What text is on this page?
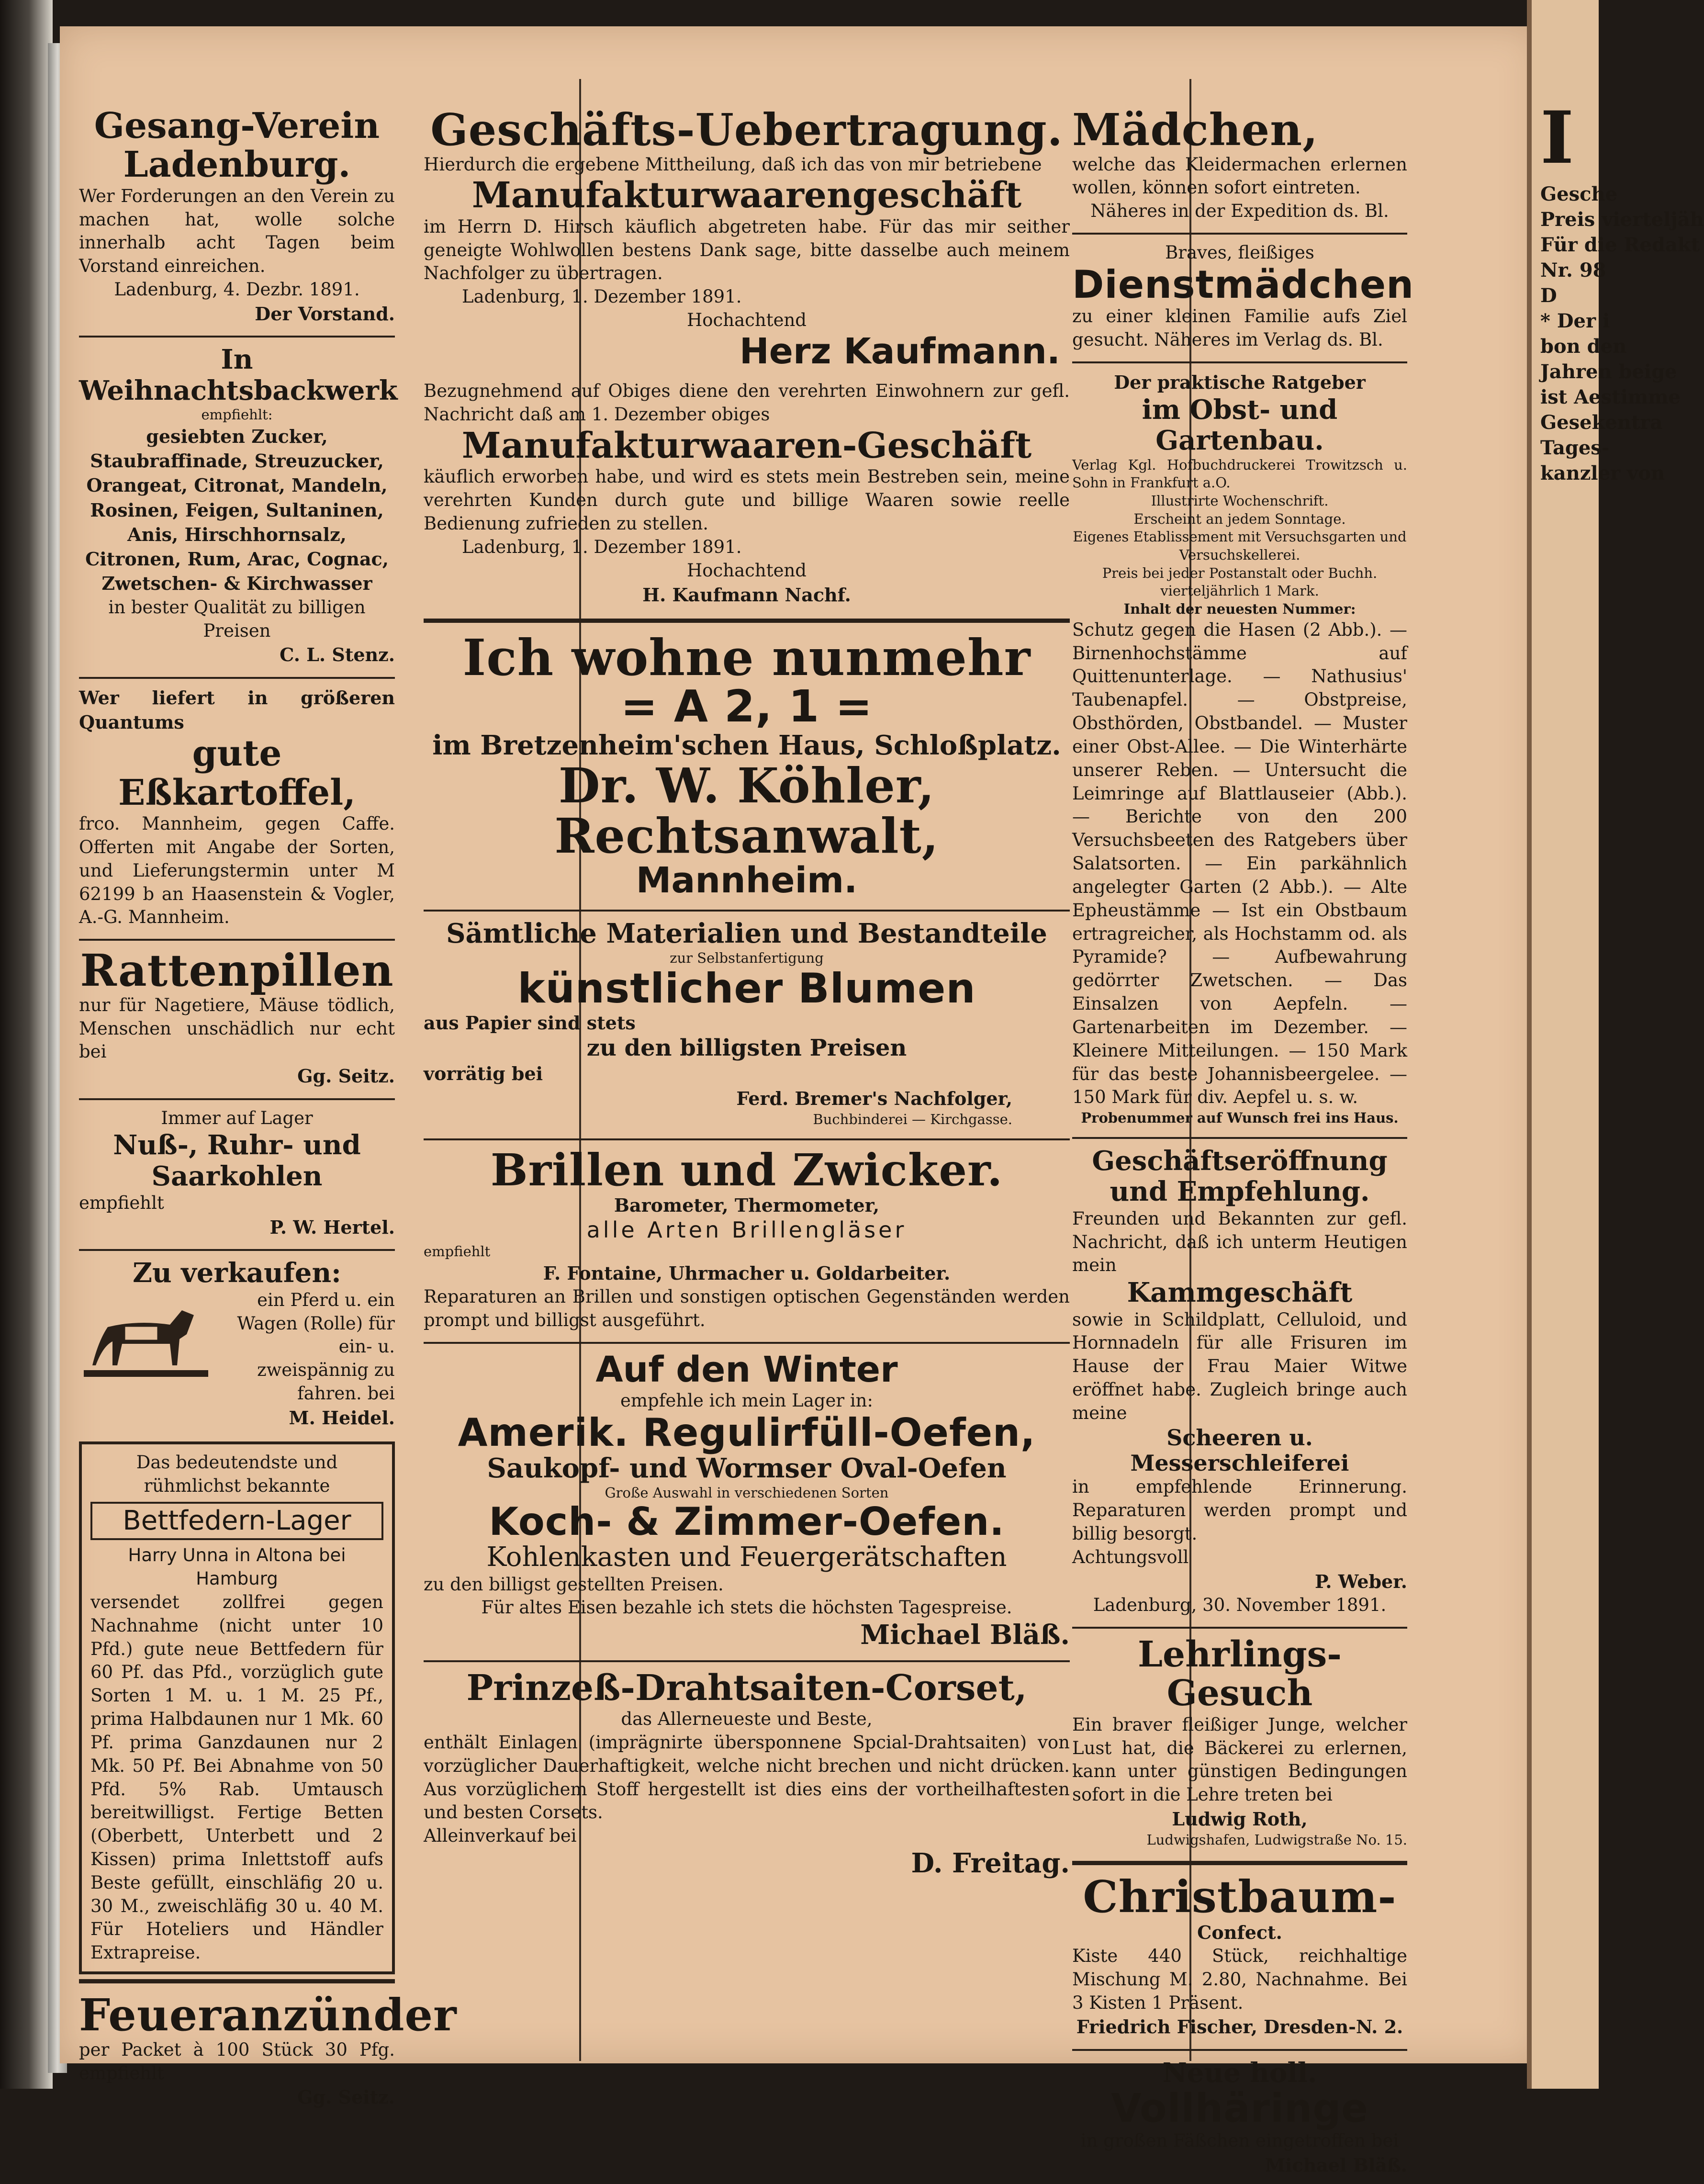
Gesang-Verein
Ladenburg.
Wer Forderungen an den Verein zu machen hat, wolle solche innerhalb acht Tagen beim Vorstand einreichen.
Ladenburg, 4. Dezbr. 1891.
Der Vorstand.
In Weihnachtsbackwerk
empfiehlt:
gesiebten Zucker, Staubraffinade, Streuzucker, Orangeat, Citronat, Mandeln, Rosinen, Feigen, Sultaninen, Anis, Hirschhornsalz, Citronen, Rum, Arac, Cognac, Zwetschen- & Kirchwasser
in bester Qualität zu billigen Preisen
C. L. Stenz.
Wer liefert in größeren Quantums
gute Eßkartoffel,
frco. Mannheim, gegen Caffe. Offerten mit Angabe der Sorten, und Lieferungstermin unter M 62199 b an Haasenstein & Vogler, A.-G. Mannheim.
Rattenpillen
nur für Nagetiere, Mäuse tödlich, Menschen unschädlich nur echt bei
Gg. Seitz.
Immer auf Lager
Nuß-, Ruhr- und Saarkohlen
empfiehlt
P. W. Hertel.
Zu verkaufen:
ein Pferd u. ein Wagen (Rolle) für ein- u. zweispännig zu fahren. bei
M. Heidel.
Das bedeutendste und rühmlichst bekannte
Bettfedern-Lager
Harry Unna in Altona bei Hamburg
versendet zollfrei gegen Nachnahme (nicht unter 10 Pfd.) gute neue Bettfedern für 60 Pf. das Pfd., vorzüglich gute Sorten 1 M. u. 1 M. 25 Pf., prima Halbdaunen nur 1 Mk. 60 Pf. prima Ganzdaunen nur 2 Mk. 50 Pf. Bei Abnahme von 50 Pfd. 5% Rab. Umtausch bereitwilligst. Fertige Betten (Oberbett, Unterbett und 2 Kissen) prima Inlettstoff aufs Beste gefüllt, einschläfig 20 u. 30 M., zweischläfig 30 u. 40 M. Für Hoteliers und Händler Extrapreise.
Feueranzünder
per Packet à 100 Stück 30 Pfg. empfiehlt
Gg. Seitz.
Geschäfts-Uebertragung.
Hierdurch die ergebene Mittheilung, daß ich das von mir betriebene
Manufakturwaarengeschäft
im Herrn D. Hirsch käuflich abgetreten habe. Für das mir seither geneigte Wohlwollen bestens Dank sage, bitte dasselbe auch meinem Nachfolger zu übertragen.
Ladenburg, 1. Dezember 1891.
Hochachtend
Herz Kaufmann.
Bezugnehmend auf Obiges diene den verehrten Einwohnern zur gefl. Nachricht daß am 1. Dezember obiges
Manufakturwaaren-Geschäft
käuflich erworben habe, und wird es stets mein Bestreben sein, meine verehrten Kunden durch gute und billige Waaren sowie reelle Bedienung zufrieden zu stellen.
Ladenburg, 1. Dezember 1891.
Hochachtend
H. Kaufmann Nachf.
Ich wohne nunmehr
= A 2, 1 =
im Bretzenheim'schen Haus, Schloßplatz.
Dr. W. Köhler, Rechtsanwalt,
Mannheim.
Sämtliche Materialien und Bestandteile
zur Selbstanfertigung
künstlicher Blumen
aus Papier sind stets
zu den billigsten Preisen
vorrätig bei
Ferd. Bremer's Nachfolger,
Buchbinderei — Kirchgasse.
Brillen und Zwicker.
Barometer, Thermometer,
alle Arten Brillengläser
empfiehlt
F. Fontaine, Uhrmacher u. Goldarbeiter.
Reparaturen an Brillen und sonstigen optischen Gegenständen werden prompt und billigst ausgeführt.
Auf den Winter
empfehle ich mein Lager in:
Amerik. Regulirfüll-Oefen,
Saukopf- und Wormser Oval-Oefen
Große Auswahl in verschiedenen Sorten
Koch- & Zimmer-Oefen.
Kohlenkasten und Feuergerätschaften
zu den billigst gestellten Preisen.
Für altes Eisen bezahle ich stets die höchsten Tagespreise.
Michael Bläß.
Prinzeß-Drahtsaiten-Corset,
das Allerneueste und Beste,
enthält Einlagen (imprägnirte übersponnene Spcial-Drahtsaiten) von vorzüglicher Dauerhaftigkeit, welche nicht brechen und nicht drücken. Aus vorzüglichem Stoff hergestellt ist dies eins der vortheilhaftesten und besten Corsets.
Alleinverkauf bei
D. Freitag.
Mädchen,
welche das Kleidermachen erlernen wollen, können sofort eintreten.
Näheres in der Expedition ds. Bl.
Braves, fleißiges
Dienstmädchen
zu einer kleinen Familie aufs Ziel gesucht. Näheres im Verlag ds. Bl.
Der praktische Ratgeber
im Obst- und Gartenbau.
Verlag Kgl. Hofbuchdruckerei Trowitzsch u. Sohn in Frankfurt a.O.
Illustrirte Wochenschrift.
Erscheint an jedem Sonntage.
Eigenes Etablissement mit Versuchsgarten und Versuchskellerei.
Preis bei jeder Postanstalt oder Buchh. vierteljährlich 1 Mark.
Inhalt der neuesten Nummer:
Schutz gegen die Hasen (2 Abb.). — Birnenhochstämme auf Quittenunterlage. — Nathusius' Taubenapfel. — Obstpreise, Obsthörden, Obstbandel. — Muster einer Obst-Allee. — Die Winterhärte unserer Reben. — Untersucht die Leimringe auf Blattlauseier (Abb.). — Berichte von den 200 Versuchsbeeten des Ratgebers über Salatsorten. — Ein parkähnlich angelegter Garten (2 Abb.). — Alte Epheustämme — Ist ein Obstbaum ertragreicher, als Hochstamm od. als Pyramide? — Aufbewahrung gedörrter Zwetschen. — Das Einsalzen von Aepfeln. — Gartenarbeiten im Dezember. — Kleinere Mitteilungen. — 150 Mark für das beste Johannisbeergelee. — 150 Mark für div. Aepfel u. s. w.
Probenummer auf Wunsch frei ins Haus.
Geschäftseröffnung und Empfehlung.
Freunden und Bekannten zur gefl. Nachricht, daß ich unterm Heutigen mein
Kammgeschäft
sowie in Schildplatt, Celluloid, und Hornnadeln für alle Frisuren im Hause der Frau Maier Witwe eröffnet habe. Zugleich bringe auch meine
Scheeren u. Messerschleiferei
in empfehlende Erinnerung. Reparaturen werden prompt und billig besorgt.
Achtungsvoll
P. Weber.
Ladenburg, 30. November 1891.
Lehrlings-Gesuch
Ein braver fleißiger Junge, welcher Lust hat, die Bäckerei zu erlernen, kann unter günstigen Bedingungen sofort in die Lehre treten bei
Ludwig Roth,
Ludwigshafen, Ludwigstraße No. 15.
Christbaum-
Confect.
Kiste 440 Stück, reichhaltige Mischung M. 2.80, Nachnahme. Bei 3 Kisten 1 Präsent.
Friedrich Fischer, Dresden-N. 2.
Neue holl.
Vollhäringe
in großen Fäßchen eingetroffen bei
Michael Bläß.
I
Gesche
Preis vierteljäh
Für die Redakt
Nr. 98
D
* Der i
bon den
Jahren beige
ist Aestimme
Gesekentra
Tages-
kanzler von
